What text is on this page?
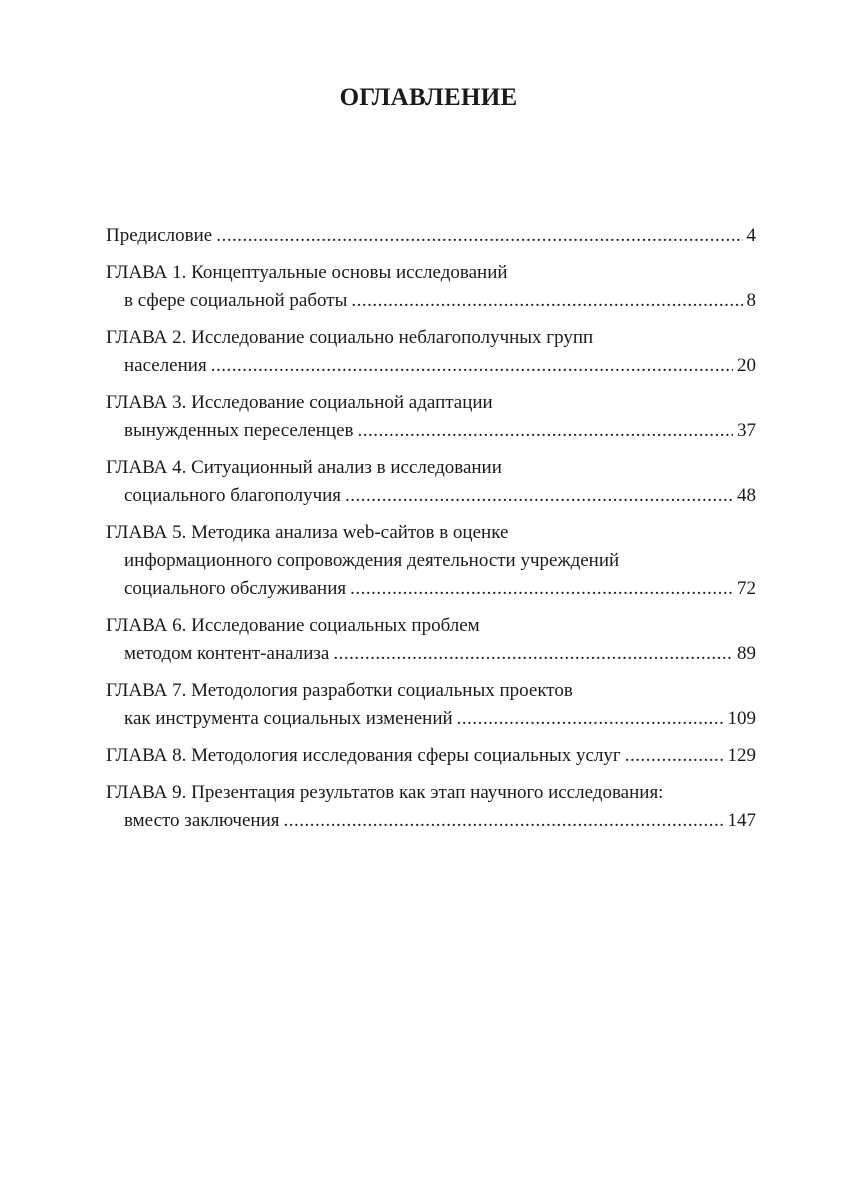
ОГЛАВЛЕНИЕ
Предисловие .....	4
ГЛАВА 1. Концептуальные основы исследований
в сфере социальной работы .....	8
ГЛАВА 2. Исследование социально неблагополучных групп
населения .....	20
ГЛАВА 3. Исследование социальной адаптации
вынужденных переселенцев .....	37
ГЛАВА 4. Ситуационный анализ в исследовании
социального благополучия .....	48
ГЛАВА 5. Методика анализа web-сайтов в оценке
информационного сопровождения деятельности учреждений
социального обслуживания .....	72
ГЛАВА 6. Исследование социальных проблем
методом контент-анализа .....	89
ГЛАВА 7. Методология разработки социальных проектов
как инструмента социальных изменений .....	109
ГЛАВА 8. Методология исследования сферы социальных услуг .....	129
ГЛАВА 9. Презентация результатов как этап научного исследования:
вместо заключения .....	147
